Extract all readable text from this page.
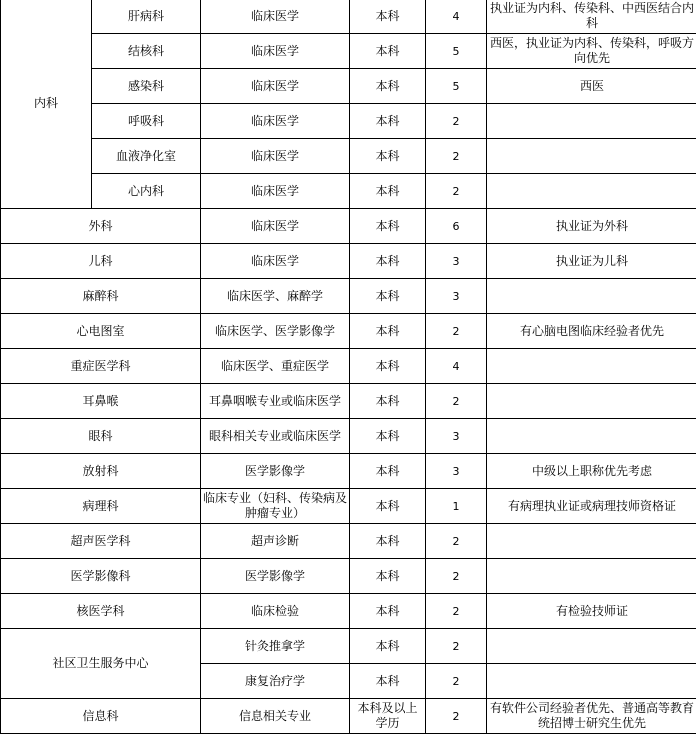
内科	肝病科	临床医学	本科	4	执业证为内科、传染科、中西医结合内科
	结核科	临床医学	本科	5	西医，执业证为内科、传染科，呼吸方向优先
	感染科	临床医学	本科	5	西医
	呼吸科	临床医学	本科	2	
	血液净化室	临床医学	本科	2	
	心内科	临床医学	本科	2	
外科		临床医学	本科	6	执业证为外科
儿科		临床医学	本科	3	执业证为儿科
麻醉科		临床医学、麻醉学	本科	3	
心电图室		临床医学、医学影像学	本科	2	有心脑电图临床经验者优先
重症医学科		临床医学、重症医学	本科	4	
耳鼻喉		耳鼻咽喉专业或临床医学	本科	2	
眼科		眼科相关专业或临床医学	本科	3	
放射科		医学影像学	本科	3	中级以上职称优先考虑
病理科		临床专业（妇科、传染病及肿瘤专业）	本科	1	有病理执业证或病理技师资格证
超声医学科		超声诊断	本科	2	
医学影像科		医学影像学	本科	2	
核医学科		临床检验	本科	2	有检验技师证
社区卫生服务中心		针灸推拿学	本科	2	
		康复治疗学	本科	2	
信息科		信息相关专业	本科及以上学历	2	有软件公司经验者优先、普通高等教育统招博士研究生优先
